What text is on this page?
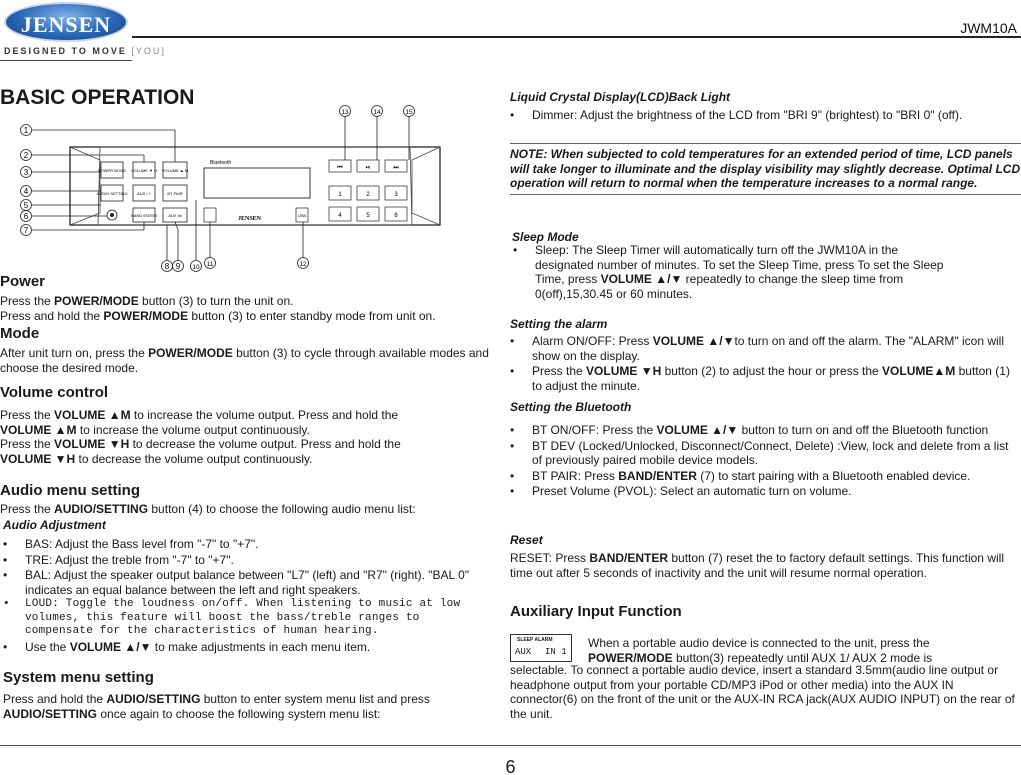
JENSEN
DESIGNED TO MOVE [YOU]
JWM10A
BASIC OPERATION
POWER MODE VOLUME ▼ H VOLUME ▲ M
AUDIO SETTING AUX / +	BT PAIR
BAND ENTER	AUX IN
Bluetooth
JENSEN
USB
⏮	⏯	⏭
1	2	3
4	5	6
1
2
3
4
5
6
7
8 9 10 11	12
13	14	15
Power
Press the POWER/MODE button (3) to turn the unit on.
Press and hold the POWER/MODE button (3) to enter standby mode from unit on.
Mode
After unit turn on, press the POWER/MODE button (3) to cycle through available modes and choose the desired mode.
Volume control
Press the VOLUME ▲M to increase the volume output. Press and hold the
VOLUME ▲M to increase the volume output continuously.
Press the VOLUME ▼H to decrease the volume output. Press and hold the
VOLUME ▼H to decrease the volume output continuously.
Audio menu setting
Press the AUDIO/SETTING button (4) to choose the following audio menu list:
Audio Adjustment
• BAS: Adjust the Bass level from "-7" to "+7".
• TRE: Adjust the treble from "-7" to "+7".
• BAL: Adjust the speaker output balance between "L7" (left) and "R7" (right). "BAL 0" indicates an equal balance between the left and right speakers.
• LOUD: Toggle the loudness on/off. When listening to music at low volumes, this feature will boost the bass/treble ranges to compensate for the characteristics of human hearing.
• Use the VOLUME ▲/▼ to make adjustments in each menu item.
System menu setting
Press and hold the AUDIO/SETTING button to enter system menu list and press AUDIO/SETTING once again to choose the following system menu list:
Liquid Crystal Display(LCD)Back Light
• Dimmer: Adjust the brightness of the LCD from "BRI 9" (brightest) to "BRI 0" (off).
NOTE: When subjected to cold temperatures for an extended period of time, LCD panels will take longer to illuminate and the display visibility may slightly decrease. Optimal LCD operation will return to normal when the temperature increases to a normal range.
Sleep Mode
• Sleep: The Sleep Timer will automatically turn off the JWM10A in the designated number of minutes. To set the Sleep Time, press To set the Sleep Time, press VOLUME ▲/▼ repeatedly to change the sleep time from 0(off),15,30.45 or 60 minutes.
Setting the alarm
• Alarm ON/OFF: Press VOLUME ▲/▼to turn on and off the alarm. The "ALARM" icon will show on the display.
• Press the VOLUME ▼H button (2) to adjust the hour or press the VOLUME▲M button (1) to adjust the minute.
Setting the Bluetooth
• BT ON/OFF: Press the VOLUME ▲/▼ button to turn on and off the Bluetooth function
• BT DEV (Locked/Unlocked, Disconnect/Connect, Delete) :View, lock and delete from a list of previously paired mobile device models.
• BT PAIR: Press BAND/ENTER (7) to start pairing with a Bluetooth enabled device.
• Preset Volume (PVOL): Select an automatic turn on volume.
Reset
RESET: Press BAND/ENTER button (7) reset the to factory default settings. This function will time out after 5 seconds of inactivity and the unit will resume normal operation.
Auxiliary Input Function
SLEEP ALARM
AUX IN 1
When a portable audio device is connected to the unit, press the
POWER/MODE button(3) repeatedly until AUX 1/ AUX 2 mode is
selectable. To connect a portable audio device, insert a standard 3.5mm(audio line output or headphone output from your portable CD/MP3 iPod or other media) into the AUX IN connector(6) on the front of the unit or the AUX-IN RCA jack(AUX AUDIO INPUT) on the rear of the unit.
6
